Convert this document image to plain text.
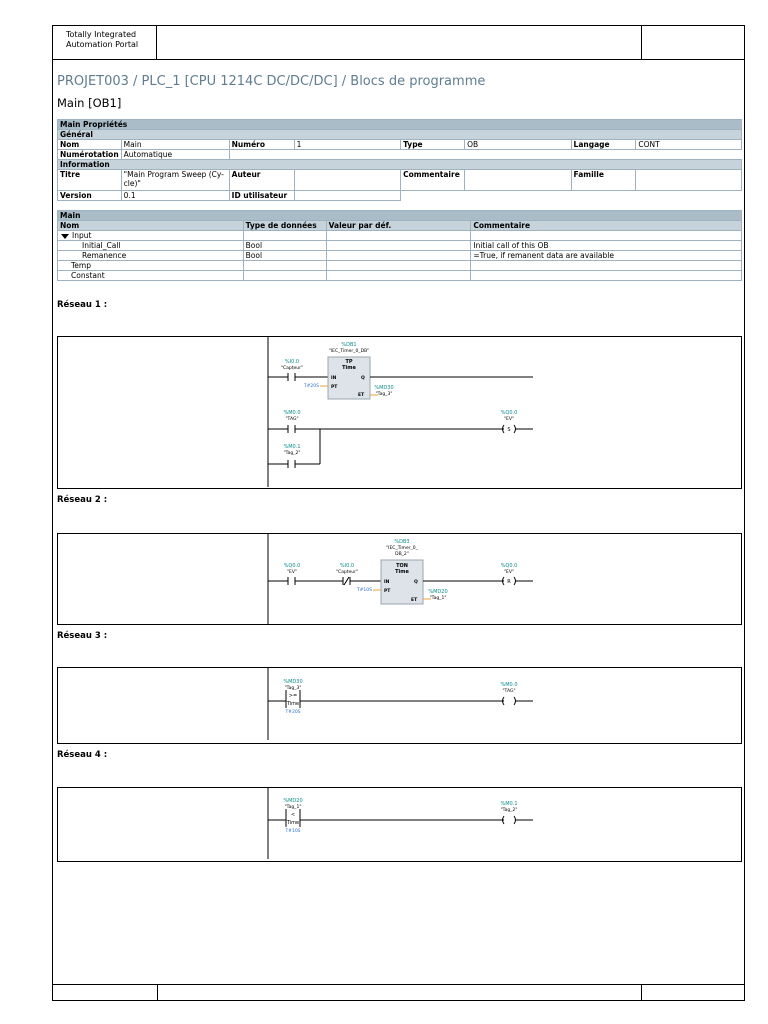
Totally Integrated
Automation Portal
PROJET003 / PLC_1 [CPU 1214C DC/DC/DC] / Blocs de programme
Main [OB1]
Main Propriétés							
Général							
Nom	Main	Numéro	1	Type	OB	Langage	CONT
Numérotation	Automatique						
Information							
Titre	"Main Program Sweep (Cy-
cle)"	Auteur		Commentaire		Famille	
Version	0.1	ID utilisateur					
Main			
Nom	Type de données	Valeur par déf.	Commentaire
Input			
Initial_Call	Bool		Initial call of this OB
Remanence	Bool		=True, if remanent data are available
Temp			
Constant			
Réseau 1 :
%I0.0
"Capteur"
%DB1
"IEC_Timer_0_DB"
TP
Time
IN
PT
Q
ET
T#20S	%MD30
"Tag_3"
%M0.0
"TAG"
%Q0.0
"EV"
S
%M0.1
"Tag_2"
Réseau 2 :
%Q0.0
"EV"
%I0.0
"Capteur"
%DB3
"IEC_Timer_0_
DB_2"
TON
Time
IN
PT
Q
ET
T#10S	%MD20
"Tag_1"
%Q0.0
"EV"
R
Réseau 3 :
%MD30
"Tag_3"
>=
Time
T#20S
%M0.0
"TAG"
Réseau 4 :
%MD20
"Tag_1"
<
Time
T#10S
%M0.1
"Tag_2"
